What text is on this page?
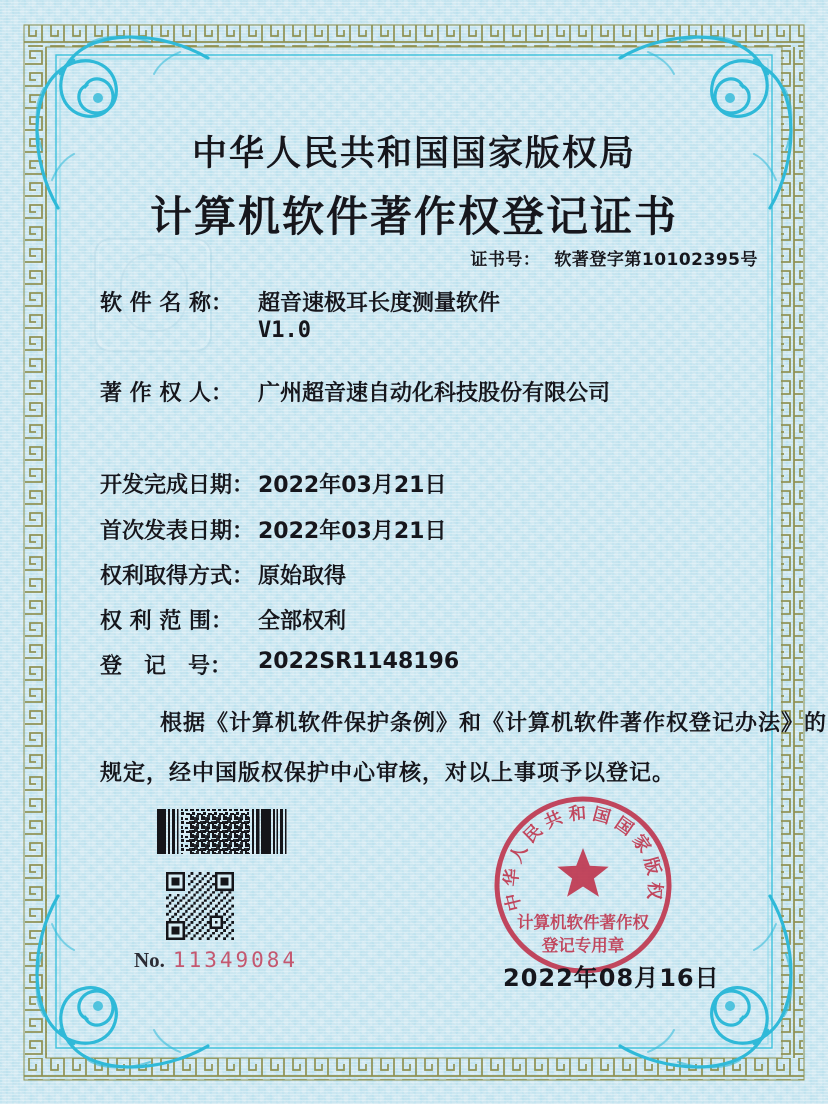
中华人民共和国国家版权局
计算机软件著作权登记证书
证书号： 软著登字第10102395号
软 件 名 称：	超音速极耳长度测量软件
V1.0
著 作 权 人：	广州超音速自动化科技股份有限公司
开发完成日期： 2022年03月21日
首次发表日期： 2022年03月21日
权利取得方式： 原始取得
权 利 范 围：	全部权利
登　记　号：	2022SR1148196
根据《计算机软件保护条例》和《计算机软件著作权登记办法》的
规定，经中国版权保护中心审核，对以上事项予以登记。
No. 11349084
中华人民共和国国家版权
计算机软件著作权
登记专用章
2022年08月16日
